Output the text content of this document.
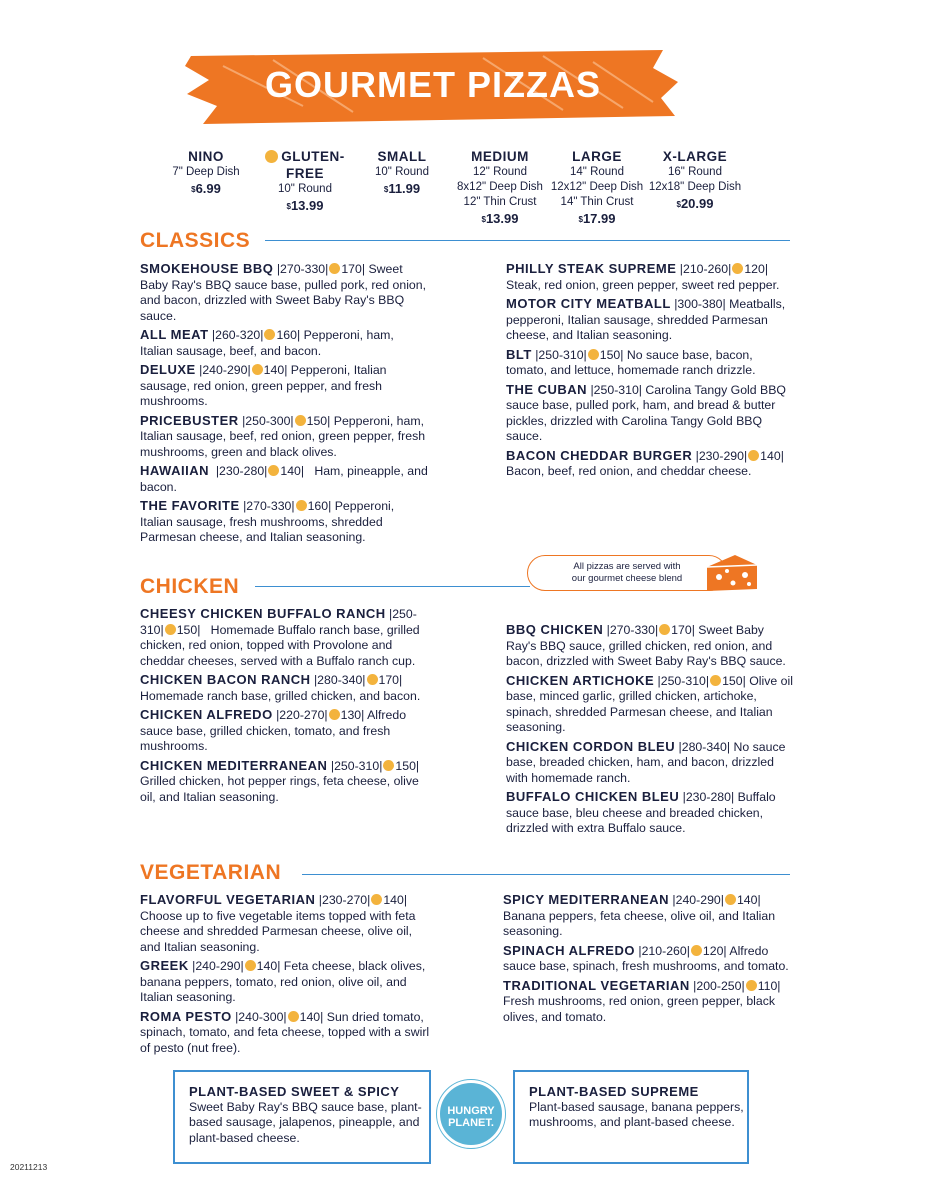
GOURMET PIZZAS
NINO
7" Deep Dish
$6.99
GLUTEN-FREE
10" Round
$13.99
SMALL
10" Round
$11.99
MEDIUM
12" Round
8x12" Deep Dish
12" Thin Crust
$13.99
LARGE
14" Round
12x12" Deep Dish
14" Thin Crust
$17.99
X-LARGE
16" Round
12x18" Deep Dish
$20.99
CLASSICS
CHICKEN
VEGETARIAN
SMOKEHOUSE BBQ |270-330| 170| Sweet Baby Ray's BBQ sauce base, pulled pork, red onion, and bacon, drizzled with Sweet Baby Ray's BBQ sauce.
ALL MEAT |260-320| 160| Pepperoni, ham, Italian sausage, beef, and bacon.
DELUXE |240-290| 140| Pepperoni, Italian sausage, red onion, green pepper, and fresh mushrooms.
PRICEBUSTER |250-300| 150| Pepperoni, ham, Italian sausage, beef, red onion, green pepper, fresh mushrooms, green and black olives.
HAWAIIAN  |230-280| 140|   Ham, pineapple, and bacon.
THE FAVORITE |270-330| 160| Pepperoni, Italian sausage, fresh mushrooms, shredded Parmesan cheese, and Italian seasoning.
PHILLY STEAK SUPREME |210-260| 120| Steak, red onion, green pepper, sweet red pepper.
MOTOR CITY MEATBALL |300-380| Meatballs, pepperoni, Italian sausage, shredded Parmesan cheese, and Italian seasoning.
BLT |250-310| 150| No sauce base, bacon, tomato, and lettuce, homemade ranch drizzle.
THE CUBAN |250-310| Carolina Tangy Gold BBQ sauce base, pulled pork, ham, and bread & butter pickles, drizzled with Carolina Tangy Gold BBQ sauce.
BACON CHEDDAR BURGER |230-290| 140| Bacon, beef, red onion, and cheddar cheese.
CHEESY CHICKEN BUFFALO RANCH |250-310| 150|   Homemade Buffalo ranch base, grilled chicken, red onion, topped with Provolone and cheddar cheeses, served with a Buffalo ranch cup.
CHICKEN BACON RANCH |280-340| 170|  Homemade ranch base, grilled chicken, and bacon.
CHICKEN ALFREDO |220-270| 130| Alfredo sauce base, grilled chicken, tomato, and fresh mushrooms.
CHICKEN MEDITERRANEAN |250-310| 150| Grilled chicken, hot pepper rings, feta cheese, olive oil, and Italian seasoning.
BBQ CHICKEN |270-330| 170| Sweet Baby Ray's BBQ sauce, grilled chicken, red onion, and bacon, drizzled with Sweet Baby Ray's BBQ sauce.
CHICKEN ARTICHOKE |250-310| 150| Olive oil base, minced garlic, grilled chicken, artichoke, spinach, shredded Parmesan cheese, and Italian seasoning.
CHICKEN CORDON BLEU |280-340| No sauce base, breaded chicken, ham, and bacon, drizzled with homemade ranch.
BUFFALO CHICKEN BLEU |230-280| Buffalo sauce base, bleu cheese and breaded chicken, drizzled with extra Buffalo sauce.
FLAVORFUL VEGETARIAN |230-270| 140| Choose up to five vegetable items topped with feta cheese and shredded Parmesan cheese, olive oil, and Italian seasoning.
GREEK |240-290| 140| Feta cheese, black olives, banana peppers, tomato, red onion, olive oil, and Italian seasoning.
ROMA PESTO |240-300| 140| Sun dried tomato, spinach, tomato, and feta cheese, topped with a swirl of pesto (nut free).
SPICY MEDITERRANEAN |240-290| 140| Banana peppers, feta cheese, olive oil, and Italian seasoning.
SPINACH ALFREDO |210-260| 120| Alfredo sauce base, spinach, fresh mushrooms, and tomato.
TRADITIONAL VEGETARIAN |200-250| 110| Fresh mushrooms, red onion, green pepper, black olives, and tomato.
All pizzas are served with
our gourmet cheese blend
PLANT-BASED SWEET & SPICY
Sweet Baby Ray's BBQ sauce base, plant-based sausage, jalapenos, pineapple, and plant-based cheese.
PLANT-BASED SUPREME
Plant-based sausage, banana peppers, mushrooms, and plant-based cheese.
HUNGRY
PLANET.
20211213
